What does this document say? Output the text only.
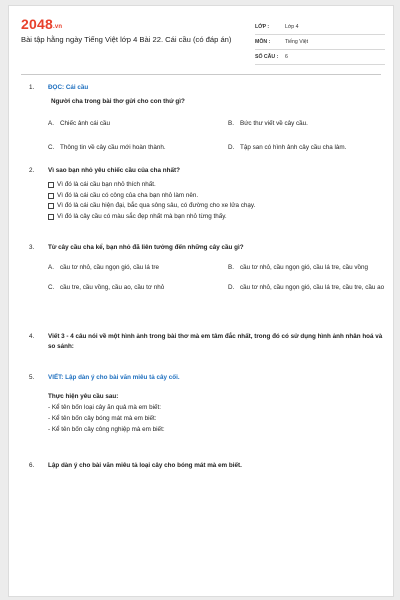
2048.vn
Bài tập hằng ngày Tiếng Việt lớp 4 Bài 22. Cái cầu (có đáp án)
LỚP :	Lớp 4
MÔN :	Tiếng Việt
SỐ CÂU :	6
1.	ĐỌC: Cái cầu
Người cha trong bài thơ gửi cho con thứ gì?
A. Chiếc ảnh cái cầu	B. Bức thư viết về cây cầu.
C. Thông tin về cây cầu mới hoàn thành.	D. Tập san có hình ảnh cây cầu cha làm.
2.	Vì sao bạn nhỏ yêu chiếc cầu của cha nhất?
Vì đó là cái cầu bạn nhỏ thích nhất.
Vì đó là cái cầu có công của cha bạn nhỏ làm nên.
Vì đó là cái cầu hiện đại, bắc qua sông sâu, có đường cho xe lửa chạy.
Vì đó là cây cầu có màu sắc đẹp nhất mà bạn nhỏ từng thấy.
3.	Từ cây cầu cha kể, bạn nhỏ đã liên tưởng đến những cây cầu gì?
A. cầu tơ nhỏ, cầu ngọn gió, cầu lá tre	B. cầu tơ nhỏ, cầu ngọn gió, cầu lá tre, cầu vồng
C. cầu tre, cầu vồng, cầu ao, cầu tơ nhỏ	D. cầu tơ nhỏ, cầu ngọn gió, cầu lá tre, cầu tre, cầu ao
4.	Viết 3 - 4 câu nói về một hình ảnh trong bài thơ mà em tâm đắc nhất, trong đó có sử dụng hình ảnh nhân hoá và so sánh:
5.	VIẾT: Lập dàn ý cho bài văn miêu tả cây cối.
Thực hiện yêu cầu sau:
- Kể tên bốn loại cây ăn quả mà em biết:
- Kể tên bốn cây bóng mát mà em biết:
- Kể tên bốn cây công nghiệp mà em biết:
6.	Lập dàn ý cho bài văn miêu tả loại cây cho bóng mát mà em biết.
